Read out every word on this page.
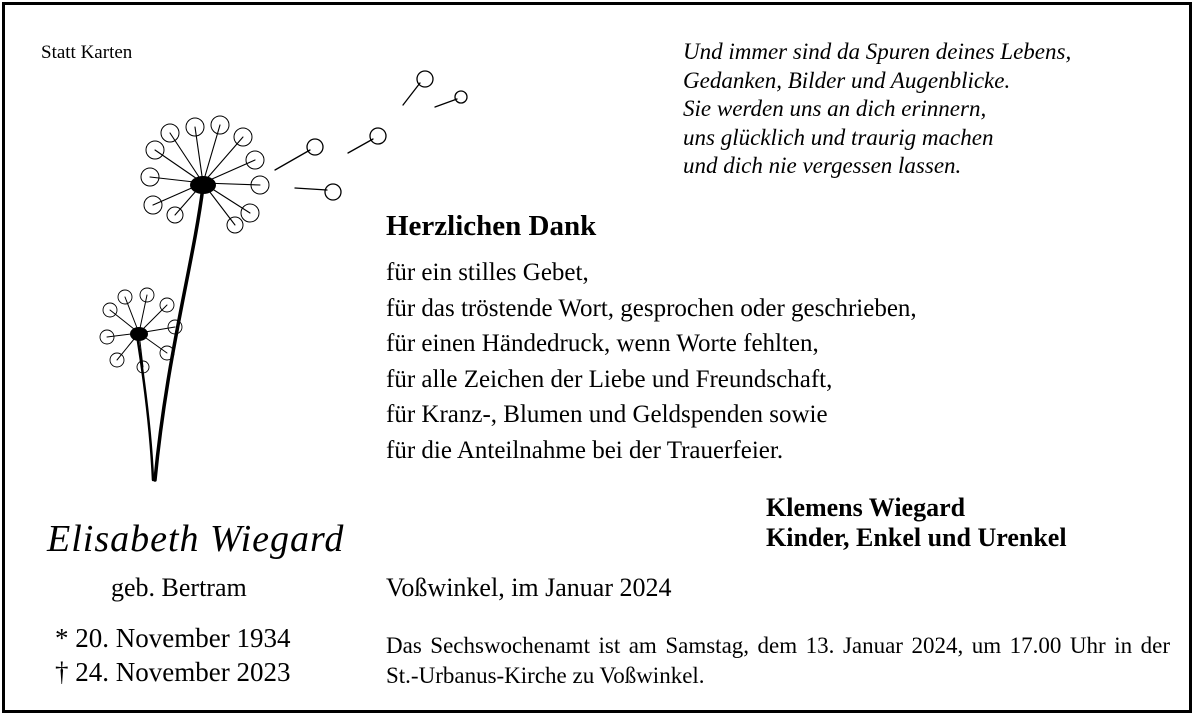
Statt Karten	Und immer sind da Spuren deines Lebens,
Gedanken, Bilder und Augenblicke.
Sie werden uns an dich erinnern,
uns glücklich und traurig machen
und dich nie vergessen lassen.
Herzlichen Dank
für ein stilles Gebet,
für das tröstende Wort, gesprochen oder geschrieben,
für einen Händedruck, wenn Worte fehlten,
für alle Zeichen der Liebe und Freundschaft,
für Kranz-, Blumen und Geldspenden sowie
für die Anteilnahme bei der Trauerfeier.
Klemens Wiegard
Kinder, Enkel und Urenkel
Elisabeth Wiegard
geb. Bertram
* 20. November 1934
† 24. November 2023
Voßwinkel, im Januar 2024
Das Sechswochenamt ist am Samstag, dem 13. Januar 2024, um 17.00 Uhr in der St.-Urbanus-Kirche zu Voßwinkel.
